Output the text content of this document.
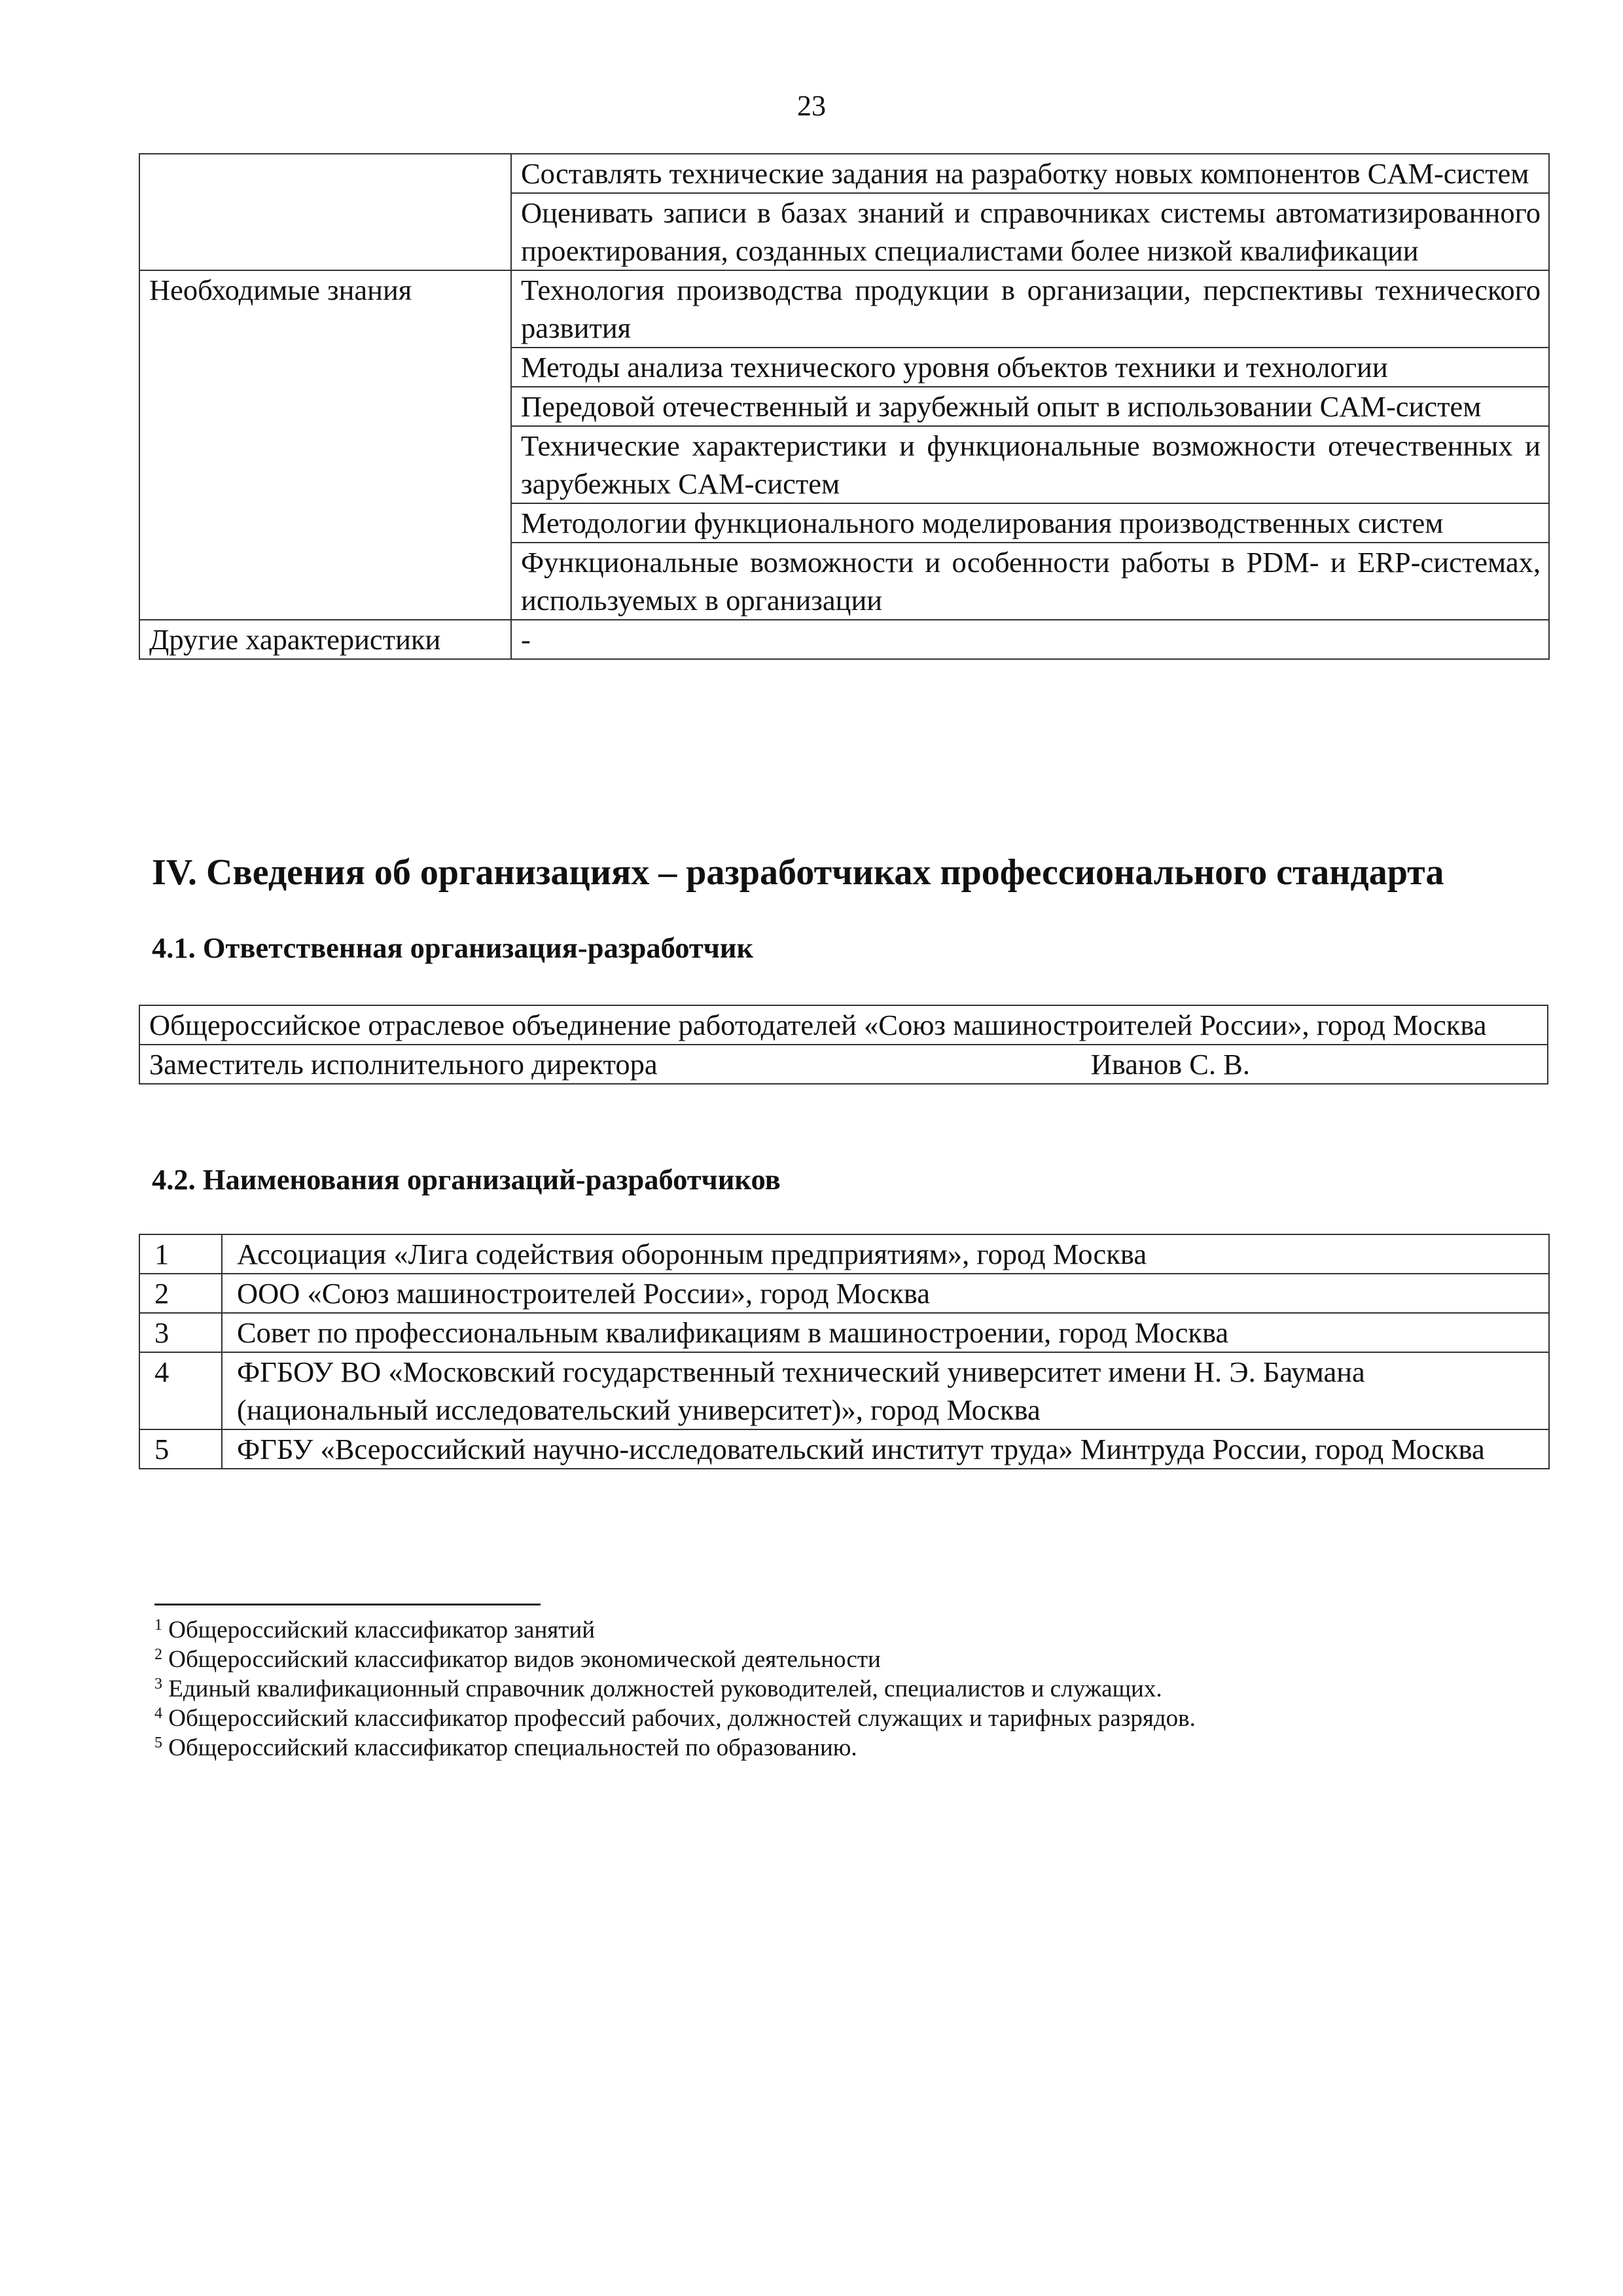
23
	Составлять технические задания на разработку новых компонентов CAM-систем
	Оценивать записи в базах знаний и справочниках системы автоматизированного проектирования, созданных специалистами более низкой квалификации
Необходимые знания	Технология производства продукции в организации, перспективы технического развития
	Методы анализа технического уровня объектов техники и технологии
	Передовой отечественный и зарубежный опыт в использовании CAM-систем
	Технические характеристики и функциональные возможности отечественных и зарубежных CAM-систем
	Методологии функционального моделирования производственных систем
	Функциональные возможности и особенности работы в PDM- и ERP-системах, используемых в организации
Другие характеристики	-
IV. Сведения об организациях – разработчиках профессионального стандарта
4.1. Ответственная организация-разработчик
Общероссийское отраслевое объединение работодателей «Союз машиностроителей России», город Москва

Заместитель исполнительного директора	Иванов С. В.
4.2. Наименования организаций-разработчиков
1	Ассоциация «Лига содействия оборонным предприятиям», город Москва
2	ООО «Союз машиностроителей России», город Москва
3	Совет по профессиональным квалификациям в машиностроении, город Москва
4	ФГБОУ ВО «Московский государственный технический университет имени Н. Э. Баумана (национальный исследовательский университет)», город Москва
5	ФГБУ «Всероссийский научно-исследовательский институт труда» Минтруда России, город Москва
$^1$ Общероссийский классификатор занятий
$^2$ Общероссийский классификатор видов экономической деятельности
$^3$ Единый квалификационный справочник должностей руководителей, специалистов и служащих.
$^4$ Общероссийский классификатор профессий рабочих, должностей служащих и тарифных разрядов.
$^5$ Общероссийский классификатор специальностей по образованию.
